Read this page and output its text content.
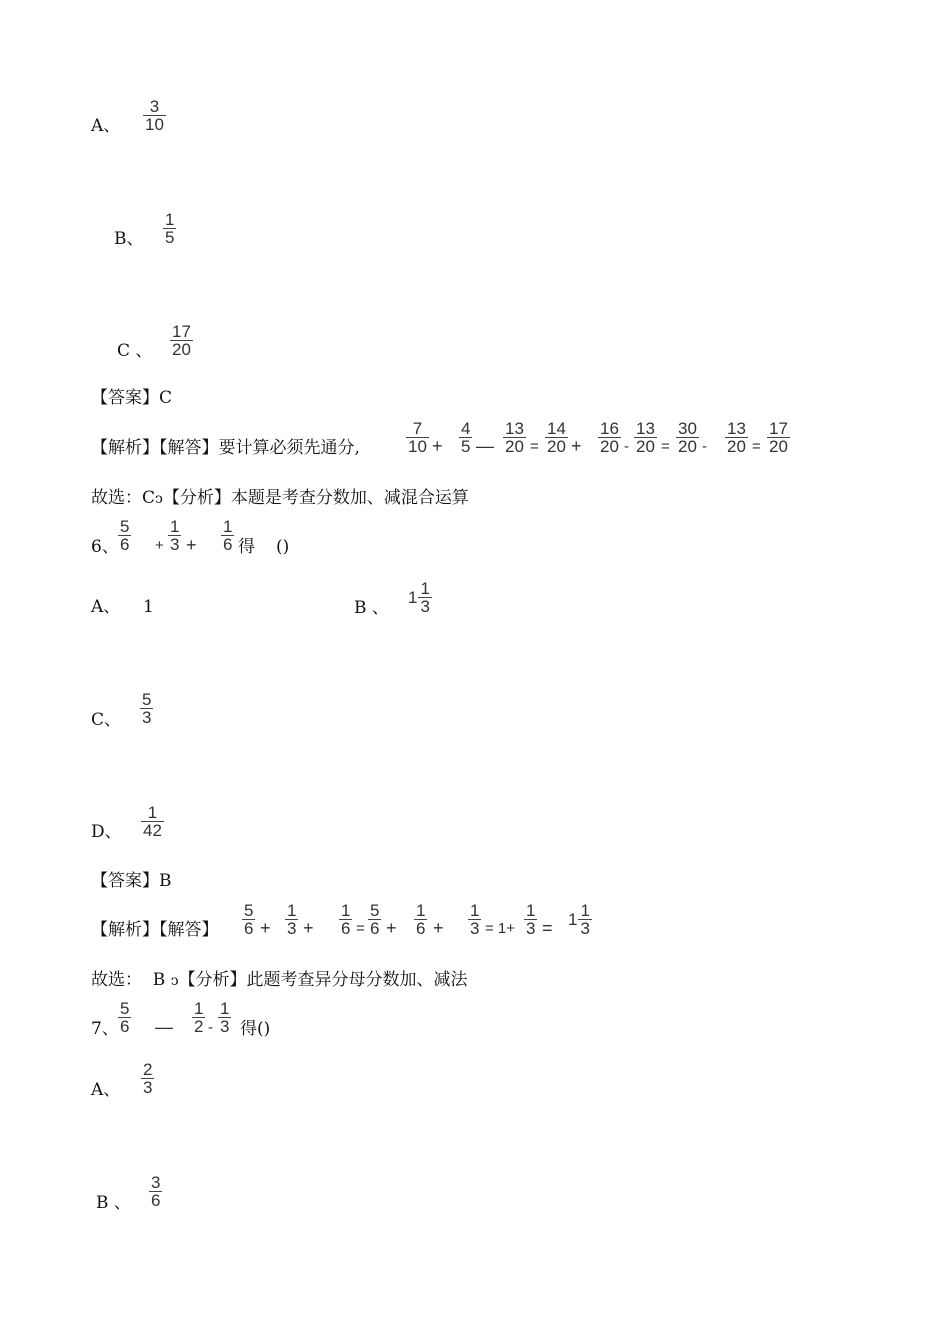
A、
3
10
B、
1
5
C 、
17
20
【答案】C
【解析】【解答】要计算必须先通分,
7
10 +
4
5 —
13
20 =
14
20 +
16
20 -
13
20 =
30
20 -
13
20 =
17
20
故选：Cↄ【分析】本题是考查分数加、减混合运算
6、
5
6 +
1
3 +
1
6 得 ()
A、 1	B 、
$1 \frac{1}{3}$
C、
5
3
D、
1
42
【答案】B
【解析】【解答】
5
6 +
1
3 +
1
6 =
5
6 +
1
6 +
1
3 = 1+
1
$3 = 1 \frac{1}{3}$
故选：  B ↄ【分析】此题考查异分母分数加、减法
7、
5
6 —
1
2 -
1
3 得()
A、
2
3
B 、
3
6
